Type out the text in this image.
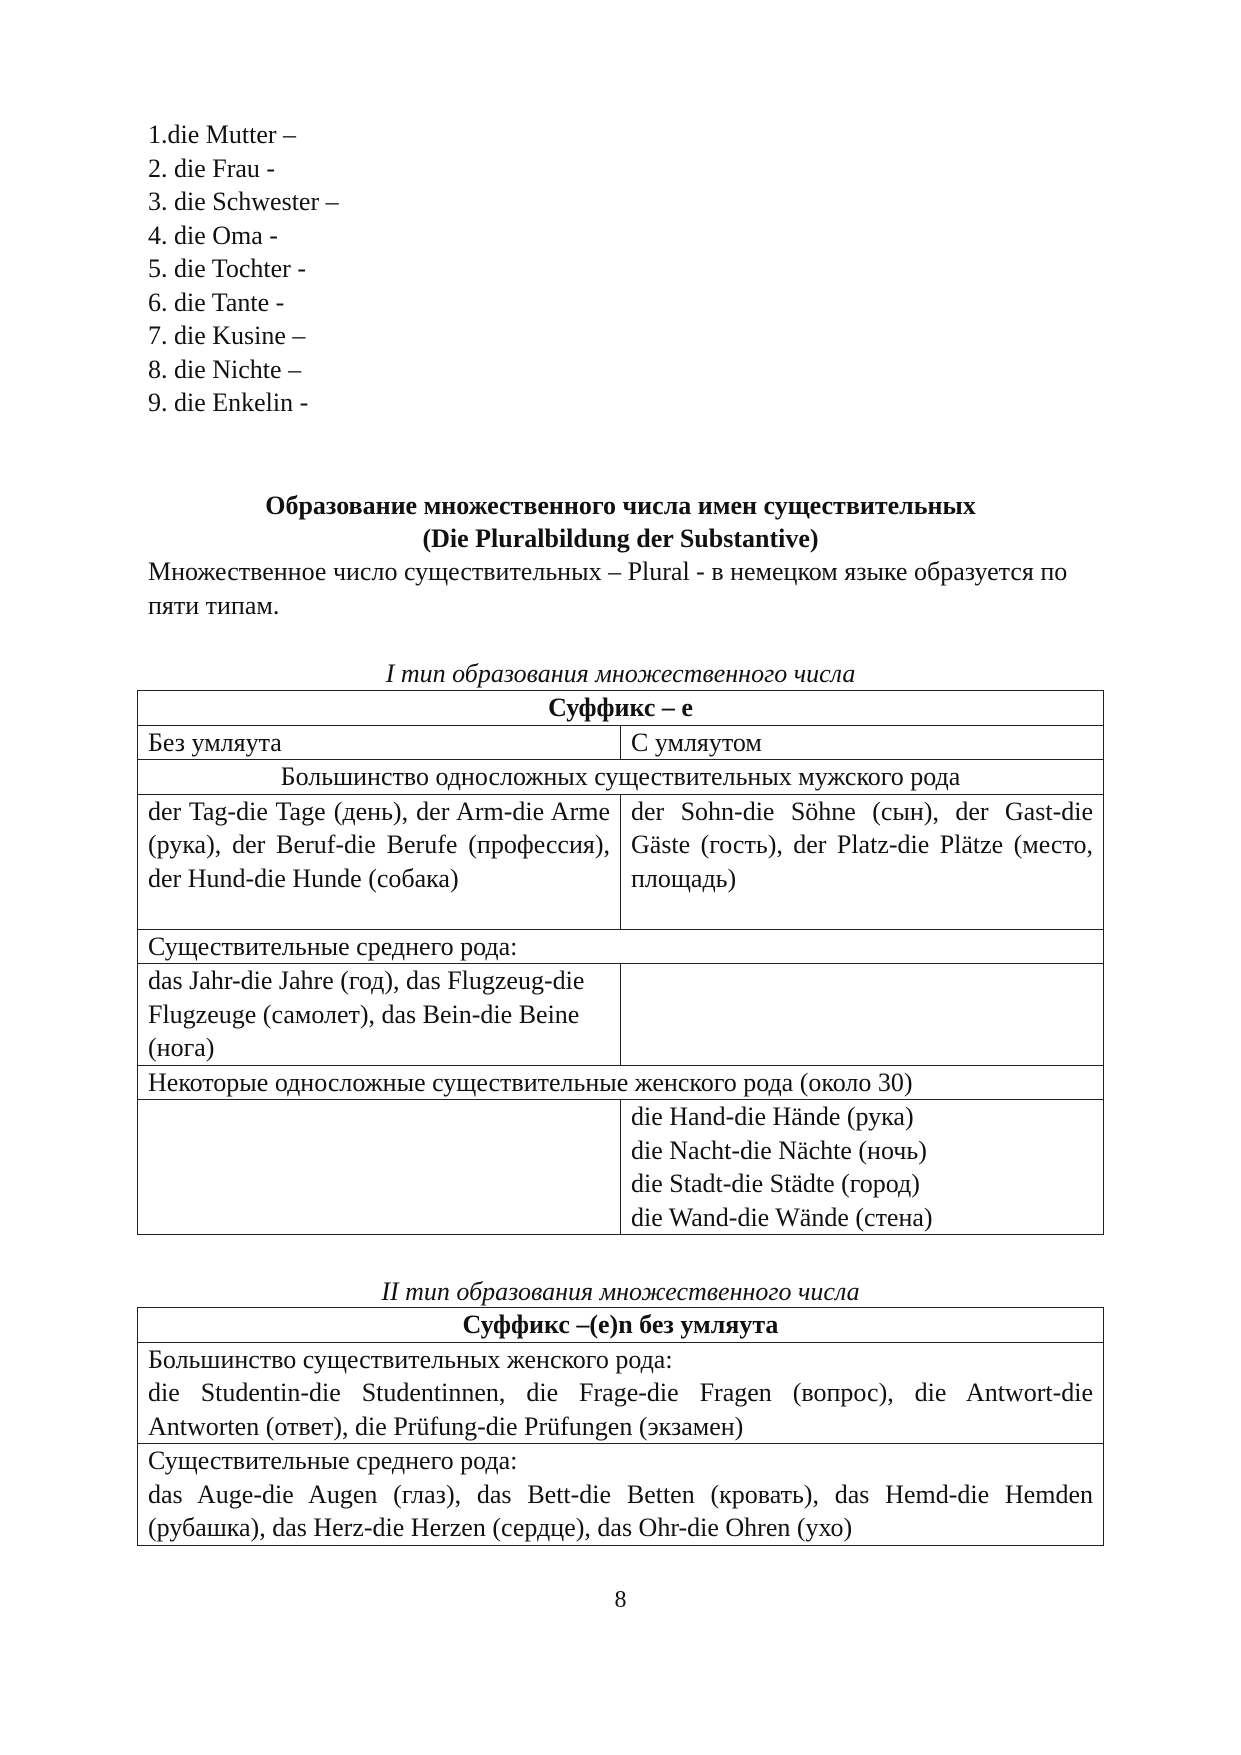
1.die Mutter –
2. die Frau -
3. die Schwester –
4. die Oma -
5. die Tochter -
6. die Tante -
7. die Kusine –
8. die Nichte –
9. die Enkelin -
Образование множественного числа имен существительных
(Die Pluralbildung der Substantive)
Множественное число существительных – Plural - в немецком языке образуется по пяти типам.
I тип образования множественного числа
Суффикс – е	
Без умляута	С умляутом
Большинство односложных существительных мужского рода	
der Tag-die Tage (день), der Arm-die Arme (рука), der Beruf-die Berufe (профессия), der Hund-die Hunde (собака)	der Sohn-die Söhne (сын), der Gast-die Gäste (гость), der Platz-die Plätze (место, площадь)
Существительные среднего рода:	
das Jahr-die Jahre (год), das Flugzeug-die Flugzeuge (самолет), das Bein-die Beine (нога)	
Некоторые односложные существительные женского рода (около 30)	

	die Hand-die Hände (рука)
die Nacht-die Nächte (ночь)
die Stadt-die Städte (город)
die Wand-die Wände (стена)
II тип образования множественного числа
Суффикс –(е)n без умляута

Большинство существительных женского рода:
die Studentin-die Studentinnen, die Frage-die Fragen (вопрос), die Antwort-die Antworten (ответ), die Prüfung-die Prüfungen (экзамен)

Существительные среднего рода:
das Auge-die Augen (глаз), das Bett-die Betten (кровать), das Hemd-die Hemden (рубашка), das Herz-die Herzen (сердце), das Ohr-die Ohren (ухо)
8
